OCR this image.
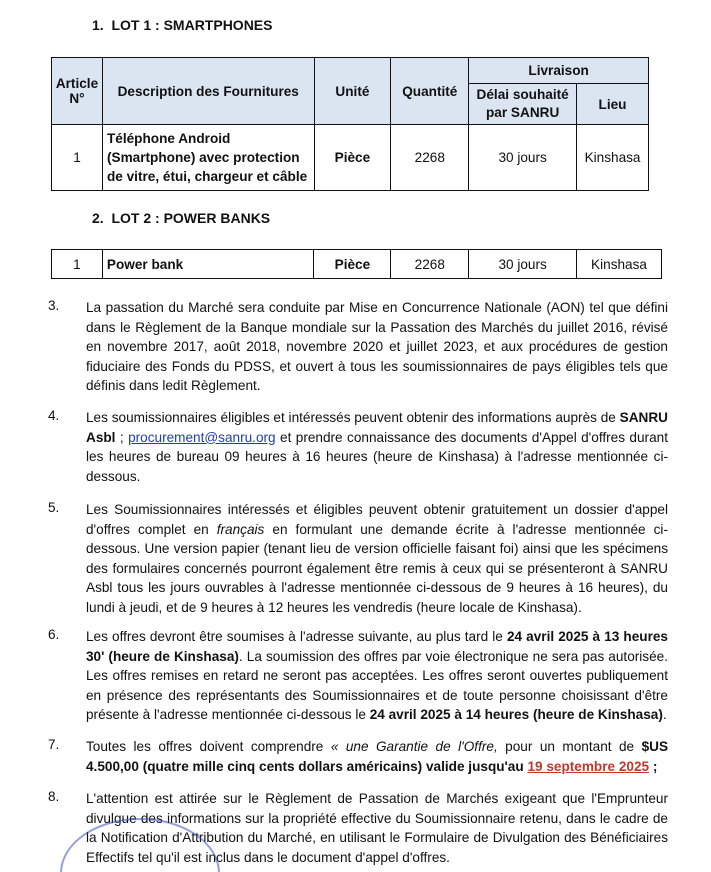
1. LOT 1 : SMARTPHONES
Article N°	Description des Fournitures	Unité	Quantité	Livraison	
				Délai souhaité par SANRU	Lieu
1	Téléphone Android (Smartphone) avec protection de vitre, étui, chargeur et câble	Pièce	2268	30 jours	Kinshasa
2. LOT 2 : POWER BANKS
1	Power bank	Pièce	2268	30 jours	Kinshasa
3. La passation du Marché sera conduite par Mise en Concurrence Nationale (AON) tel que défini dans le Règlement de la Banque mondiale sur la Passation des Marchés du juillet 2016, révisé en novembre 2017, août 2018, novembre 2020 et juillet 2023, et aux procédures de gestion fiduciaire des Fonds du PDSS, et ouvert à tous les soumissionnaires de pays éligibles tels que définis dans ledit Règlement.
4. Les soumissionnaires éligibles et intéressés peuvent obtenir des informations auprès de SANRU Asbl ; procurement@sanru.org et prendre connaissance des documents d'Appel d'offres durant les heures de bureau 09 heures à 16 heures (heure de Kinshasa) à l'adresse mentionnée ci-dessous.
5. Les Soumissionnaires intéressés et éligibles peuvent obtenir gratuitement un dossier d'appel d'offres complet en français en formulant une demande écrite à l'adresse mentionnée ci-dessous. Une version papier (tenant lieu de version officielle faisant foi) ainsi que les spécimens des formulaires concernés pourront également être remis à ceux qui se présenteront à SANRU Asbl tous les jours ouvrables à l'adresse mentionnée ci-dessous de 9 heures à 16 heures), du lundi à jeudi, et de 9 heures à 12 heures les vendredis (heure locale de Kinshasa).
6. Les offres devront être soumises à l'adresse suivante, au plus tard le 24 avril 2025 à 13 heures 30' (heure de Kinshasa). La soumission des offres par voie électronique ne sera pas autorisée. Les offres remises en retard ne seront pas acceptées. Les offres seront ouvertes publiquement en présence des représentants des Soumissionnaires et de toute personne choisissant d'être présente à l'adresse mentionnée ci-dessous le 24 avril 2025 à 14 heures (heure de Kinshasa).
7. Toutes les offres doivent comprendre « une Garantie de l'Offre, pour un montant de $US 4.500,00 (quatre mille cinq cents dollars américains) valide jusqu'au 19 septembre 2025 ;
8. L'attention est attirée sur le Règlement de Passation de Marchés exigeant que l'Emprunteur divulgue des informations sur la propriété effective du Soumissionnaire retenu, dans le cadre de la Notification d'Attribution du Marché, en utilisant le Formulaire de Divulgation des Bénéficiaires Effectifs tel qu'il est inclus dans le document d'appel d'offres.
